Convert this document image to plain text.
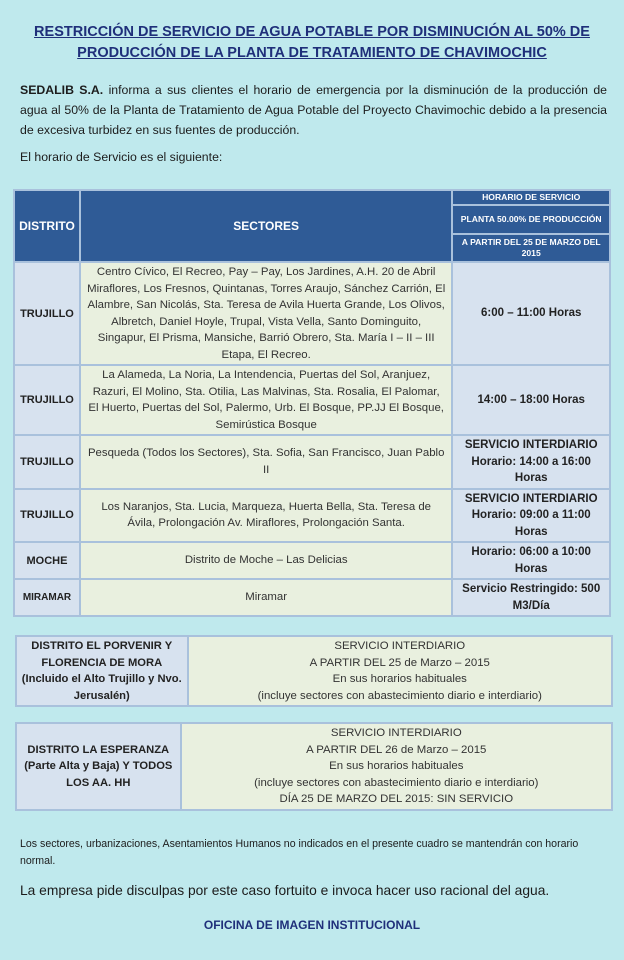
RESTRICCIÓN DE SERVICIO DE AGUA POTABLE POR DISMINUCIÓN AL 50% DE
PRODUCCIÓN DE LA PLANTA DE TRATAMIENTO DE CHAVIMOCHIC
SEDALIB S.A. informa a sus clientes el horario de emergencia por la disminución de la producción de agua al 50% de la Planta de Tratamiento de Agua Potable del Proyecto Chavimochic debido a la presencia de excesiva turbidez en sus fuentes de producción.
El horario de Servicio es el siguiente:
DISTRITO	SECTORES	HORARIO DE SERVICIO
		PLANTA 50.00% DE PRODUCCIÓN
		A PARTIR DEL 25 DE MARZO DEL 2015
TRUJILLO	Centro Cívico, El Recreo, Pay – Pay, Los Jardines, A.H. 20 de Abril Miraflores, Los Fresnos, Quintanas, Torres Araujo, Sánchez Carrión, El Alambre, San Nicolás, Sta. Teresa de Avila Huerta Grande, Los Olivos, Albretch, Daniel Hoyle, Trupal, Vista Vella, Santo Dominguito, Singapur, El Prisma, Mansiche, Barrió Obrero, Sta. María I – II – III Etapa, El Recreo.	6:00 – 11:00 Horas
TRUJILLO	La Alameda, La Noria, La Intendencia, Puertas del Sol, Aranjuez, Razuri, El Molino, Sta. Otilia, Las Malvinas, Sta. Rosalia, El Palomar, El Huerto, Puertas del Sol, Palermo, Urb. El Bosque, PP.JJ El Bosque, Semirústica Bosque	14:00 – 18:00 Horas
TRUJILLO	Pesqueda (Todos los Sectores), Sta. Sofia, San Francisco, Juan Pablo II	SERVICIO INTERDIARIO Horario: 14:00 a 16:00 Horas
TRUJILLO	Los Naranjos, Sta. Lucia, Marqueza, Huerta Bella, Sta. Teresa de Ávila, Prolongación Av. Miraflores, Prolongación Santa.	SERVICIO INTERDIARIO Horario: 09:00 a 11:00 Horas
MOCHE	Distrito de Moche – Las Delicias	Horario: 06:00 a 10:00 Horas
MIRAMAR	Miramar	Servicio Restringido: 500 M3/Día
DISTRITO EL PORVENIR Y FLORENCIA DE MORA (Incluido el Alto Trujillo y Nvo. Jerusalén)	
SERVICIO INTERDIARIO
A PARTIR DEL 25 de Marzo – 2015
En sus horarios habituales
(incluye sectores con abastecimiento diario e interdiario)
DISTRITO LA ESPERANZA (Parte Alta y Baja) Y TODOS LOS AA. HH	
SERVICIO INTERDIARIO
A PARTIR DEL 26 de Marzo – 2015
En sus horarios habituales
(incluye sectores con abastecimiento diario e interdiario)
DÍA 25 DE MARZO DEL 2015: SIN SERVICIO
Los sectores, urbanizaciones, Asentamientos Humanos no indicados en el presente cuadro se mantendrán con horario normal.
La empresa pide disculpas por este caso fortuito e invoca hacer uso racional del agua.
OFICINA DE IMAGEN INSTITUCIONAL
